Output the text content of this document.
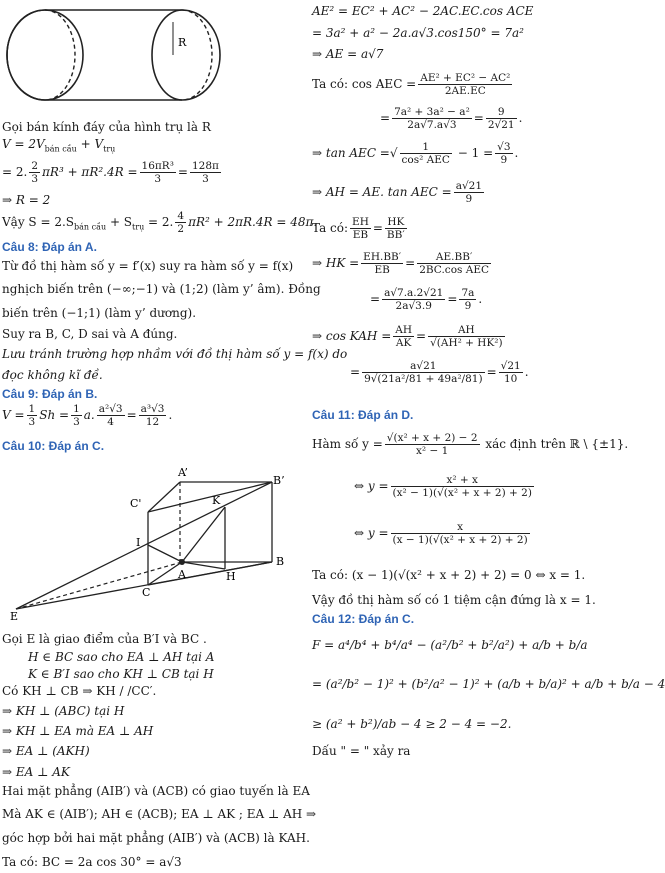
R
Gọi bán kính đáy của hình trụ là R
$V = 2V_{bán cầu} + V_{trụ}$
= 2. $\frac{2}{3} \pi R^3 + \pi R^2.4R = \frac{\text{16πR³}}{3} = \frac{128\pi}{3}$
⇒ R = 2
Vậy $S = 2.S_{bán cầu} + S_{trụ} = 2$. $\frac{4}{2} \pi R^2 + 2\pi R.4R = 48\pi$.
Câu 8: Đáp án A.
Từ đồ thị hàm số y = f′(x) suy ra hàm số y = f(x)
nghịch biến trên (−∞;−1) và (1;2) (làm y’ âm). Đồng
biến trên (−1;1) (làm y’ dương).
Suy ra B, C, D sai và A đúng.
Lưu tránh trường hợp nhầm với đồ thị hàm số y = f(x) do
đọc không kĩ đề.
Câu 9: Đáp án B.
$V = \frac{1}{3}$ $Sh = \frac{1}{3} a$. $\frac{\text{a²√3}}{4} = \frac{\text{a³√3}}{12}$ .
Câu 10: Đáp án C.
A’
B’
C'	K
I
A
B
H
C
E
Gọi E là giao điểm của B′I và BC .
H ∈ BC sao cho EA ⊥ AH tại A
K ∈ B′I sao cho KH ⊥ CB tại H
Có KH ⊥ CB ⇒ KH / /CC′.
⇒ KH ⊥ (ABC) tại H
⇒ KH ⊥ EA mà EA ⊥ AH
⇒ EA ⊥ (AKH)
⇒ EA ⊥ AK
Hai mặt phẳng (AIB′) và (ACB) có giao tuyến là EA
Mà AK ∈ (AIB′); AH ∈ (ACB); EA ⊥ AK ; EA ⊥ AH ⇒
góc hợp bởi hai mặt phẳng (AIB′) và (ACB) là KAH.
Ta có: BC = 2a cos 30° = a√3
AE² = EC² + AC² − 2AC.EC.cos ACE
= 3a² + a² − 2a.a√3.cos150° = 7a²
⇒ AE = a√7
Ta có: cos AEC = $\frac{\text{AE² + EC² − AC²}}{2AE.EC}$
= $\frac{\text{7a² + 3a² − a²}}{2a√7.a√3} = \frac{9}{2√21}$ .
⇒ tan AEC =√ $\frac{1}{\text{cos² AEC}} - 1 = \frac{√3}{9}$ .
⇒ AH = AE. tan AEC = $\frac{a√21}{9}$
Ta có: $\frac{EH}{EB} = \frac{HK}{BB'}$
⇒ HK = $\frac{EH.BB'}{EB} = \frac{AE.BB'}{\text{2BC.cos AEC}}$
= $\frac{a√7.a.2√21}{2a√3.9} = \frac{7a}{9}$ .
⇒ cos KAH = $\frac{AH}{AK} = \frac{AH}{\text{√(AH² + HK²)}}$
= $\frac{a√21}{\text{9√(21a²/81 + 49a²/81)}} = \frac{√21}{10}$ .
Câu 11: Đáp án D.
Hàm số $y = \frac{\text{√(x² + x + 2) − 2}}{\text{x² − 1}}$ xác định trên ℝ \ {±1}.
⇔ $y = \frac{\text{x² + x}}{\text{(x² − 1)(√(x² + x + 2) + 2)}}$
⇔ $y = \frac{x}{\text{(x − 1)(√(x² + x + 2) + 2)}}$
Ta có: (x − 1)(√(x² + x + 2) + 2) = 0 ⇔ x = 1.
Vậy đồ thị hàm số có 1 tiệm cận đứng là x = 1.
Câu 12: Đáp án C.
F = a⁴/b⁴ + b⁴/a⁴ − (a²/b² + b²/a²) + a/b + b/a
= (a²/b² − 1)² + (b²/a² − 1)² + (a/b + b/a)² + a/b + b/a − 4
≥ (a² + b²)/ab − 4 ≥ 2 − 4 = −2.
Dấu " = " xảy ra
